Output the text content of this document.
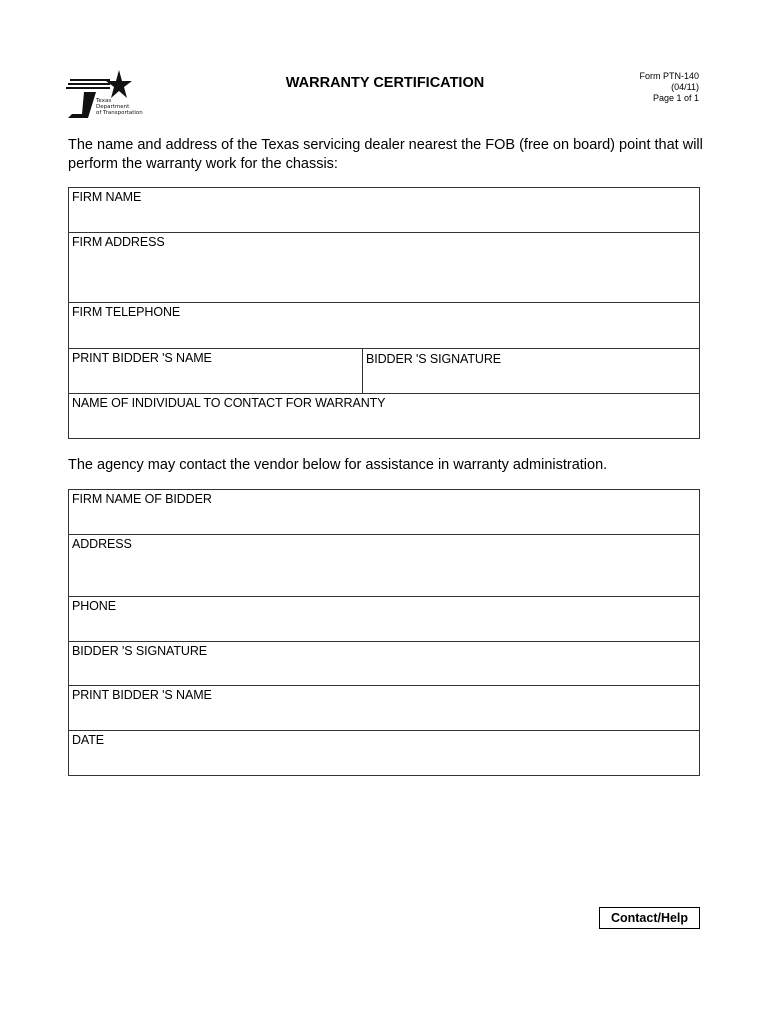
Texas
Department
of Transportation
WARRANTY CERTIFICATION	Form PTN-140
(04/11)
Page 1 of 1
The name and address of the Texas servicing dealer nearest the FOB (free on board) point that will perform the warranty work for the chassis:
FIRM NAME
FIRM ADDRESS
FIRM TELEPHONE
PRINT BIDDER 'S NAME	BIDDER 'S SIGNATURE
NAME OF INDIVIDUAL TO CONTACT FOR WARRANTY
The agency may contact the vendor below for assistance in warranty administration.
FIRM NAME OF BIDDER
ADDRESS
PHONE
BIDDER 'S SIGNATURE
PRINT BIDDER 'S NAME
DATE
Contact/Help
